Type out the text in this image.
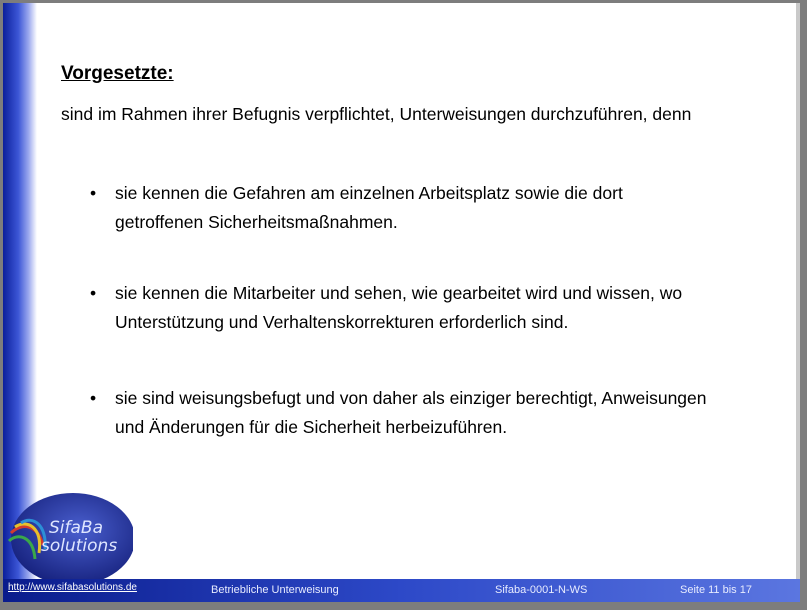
Vorgesetzte:

sind im Rahmen ihrer Befugnis verpflichtet, Unterweisungen durchzuführen, denn

• sie kennen die Gefahren am einzelnen Arbeitsplatz sowie die dort
getroffenen Sicherheitsmaßnahmen.
• sie kennen die Mitarbeiter und sehen, wie gearbeitet wird und wissen, wo
Unterstützung und Verhaltenskorrekturen erforderlich sind.
• sie sind weisungsbefugt und von daher als einziger berechtigt, Anweisungen
und Änderungen für die Sicherheit herbeizuführen.
SifaBa
solutions
http://www.sifabasolutions.de	Betriebliche Unterweisung	Sifaba-0001-N-WS	Seite 11 bis 17
